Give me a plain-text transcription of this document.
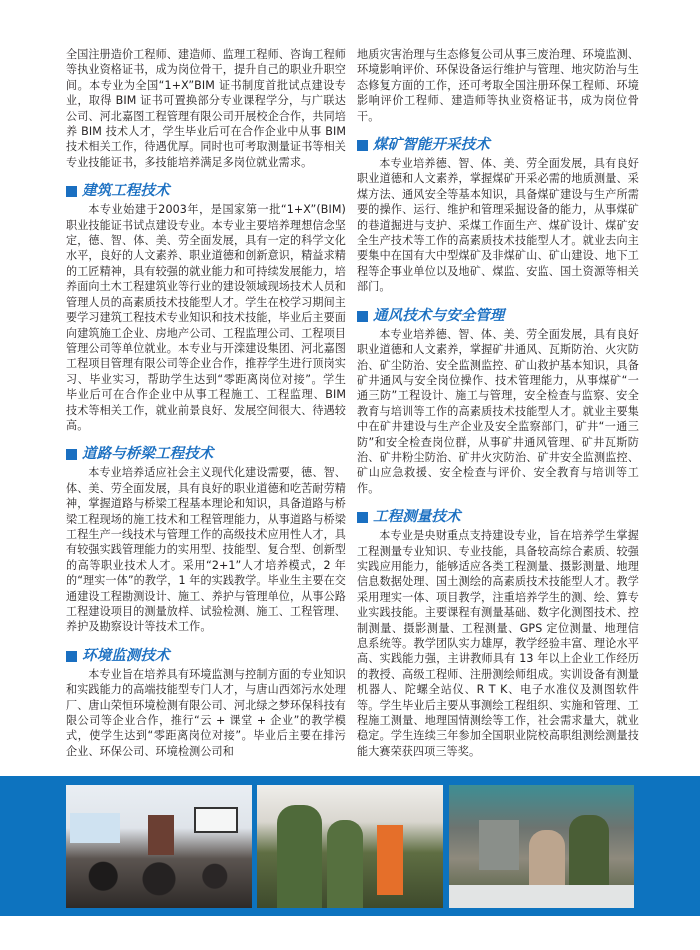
全国注册造价工程师、建造师、监理工程师、咨询工程师等执业资格证书，成为岗位骨干，提升自己的职业升职空间。本专业为全国“1+X”BIM 证书制度首批试点建设专业，取得 BIM 证书可置换部分专业课程学分，与广联达公司、河北嘉图工程管理有限公司开展校企合作，共同培养 BIM 技术人才，学生毕业后可在合作企业中从事 BIM 技术相关工作，待遇优厚。同时也可考取测量证书等相关专业技能证书，多技能培养满足多岗位就业需求。

建筑工程技术

本专业始建于2003年，是国家第一批“1+X”(BIM)职业技能证书试点建设专业。本专业主要培养理想信念坚定，德、智、体、美、劳全面发展，具有一定的科学文化水平，良好的人文素养、职业道德和创新意识，精益求精的工匠精神，具有较强的就业能力和可持续发展能力，培养面向土木工程建筑业等行业的建设领域现场技术人员和管理人员的高素质技术技能型人才。学生在校学习期间主要学习建筑工程技术专业知识和技术技能，毕业后主要面向建筑施工企业、房地产公司、工程监理公司、工程项目管理公司等单位就业。本专业与开滦建设集团、河北嘉图工程项目管理有限公司等企业合作，推荐学生进行顶岗实习、毕业实习，帮助学生达到“零距离岗位对接”。学生毕业后可在合作企业中从事工程施工、工程监理、BIM 技术等相关工作，就业前景良好、发展空间很大、待遇较高。

道路与桥梁工程技术

本专业培养适应社会主义现代化建设需要，德、智、体、美、劳全面发展，具有良好的职业道德和吃苦耐劳精神，掌握道路与桥梁工程基本理论和知识，具备道路与桥梁工程现场的施工技术和工程管理能力，从事道路与桥梁工程生产一线技术与管理工作的高级技术应用性人才，具有较强实践管理能力的实用型、技能型、复合型、创新型的高等职业技术人才。采用“2+1”人才培养模式，2 年的“理实一体”的教学，1 年的实践教学。毕业生主要在交通建设工程勘测设计、施工、养护与管理单位，从事公路工程建设项目的测量放样、试验检测、施工、工程管理、养护及勘察设计等技术工作。

环境监测技术

本专业旨在培养具有环境监测与控制方面的专业知识和实践能力的高端技能型专门人才，与唐山西郊污水处理厂、唐山荣恒环境检测有限公司、河北绿之梦环保科技有限公司等企业合作，推行“云 + 课堂 + 企业”的教学模式，使学生达到“零距离岗位对接”。毕业后主要在排污企业、环保公司、环境检测公司和

地质灾害治理与生态修复公司从事三废治理、环境监测、环境影响评价、环保设备运行维护与管理、地灾防治与生态修复方面的工作，还可考取全国注册环保工程师、环境影响评价工程师、建造师等执业资格证书，成为岗位骨干。

煤矿智能开采技术

本专业培养德、智、体、美、劳全面发展，具有良好职业道德和人文素养，掌握煤矿开采必需的地质测量、采煤方法、通风安全等基本知识，具备煤矿建设与生产所需要的操作、运行、维护和管理采掘设备的能力，从事煤矿的巷道掘进与支护、采煤工作面生产、煤矿设计、煤矿安全生产技术等工作的高素质技术技能型人才。就业去向主要集中在国有大中型煤矿及非煤矿山、矿山建设、地下工程等企事业单位以及地矿、煤监、安监、国土资源等相关部门。

通风技术与安全管理

本专业培养德、智、体、美、劳全面发展，具有良好职业道德和人文素养，掌握矿井通风、瓦斯防治、火灾防治、矿尘防治、安全监测监控、矿山救护基本知识，具备矿井通风与安全岗位操作、技术管理能力，从事煤矿“一通三防”工程设计、施工与管理，安全检查与监察、安全教育与培训等工作的高素质技术技能型人才。就业主要集中在矿井建设与生产企业及安全监察部门，矿井“一通三防”和安全检查岗位群，从事矿井通风管理、矿井瓦斯防治、矿井粉尘防治、矿井火灾防治、矿井安全监测监控、矿山应急救援、安全检查与评价、安全教育与培训等工作。

工程测量技术

本专业是央财重点支持建设专业，旨在培养学生掌握工程测量专业知识、专业技能，具备较高综合素质、较强实践应用能力，能够适应各类工程测量、摄影测量、地理信息数据处理、国土测绘的高素质技术技能型人才。教学采用理实一体、项目教学，注重培养学生的测、绘、算专业实践技能。主要课程有测量基础、数字化测图技术、控制测量、摄影测量、工程测量、GPS 定位测量、地理信息系统等。教学团队实力雄厚，教学经验丰富、理论水平高、实践能力强，主讲教师具有 13 年以上企业工作经历的教授、高级工程师、注册测绘师组成。实训设备有测量机器人、陀螺全站仪、R T K、电子水准仪及测图软件等。学生毕业后主要从事测绘工程组织、实施和管理、工程施工测量、地理国情测绘等工作，社会需求量大，就业稳定。学生连续三年参加全国职业院校高职组测绘测量技能大赛荣获四项三等奖。
